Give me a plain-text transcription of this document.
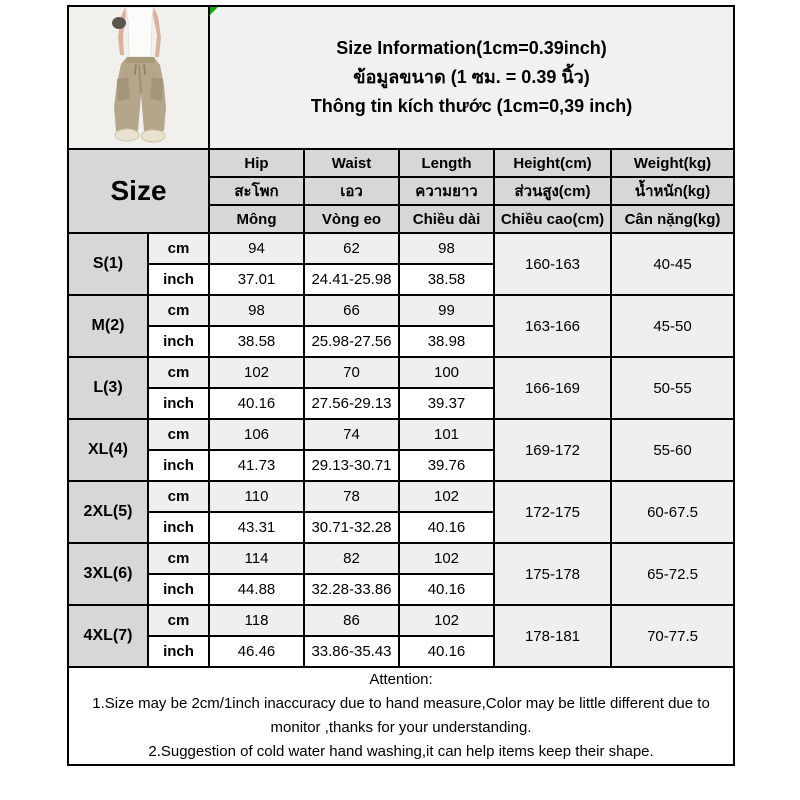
Size Information(1cm=0.39inch)
ข้อมูลขนาด (1 ซม. = 0.39 นิ้ว)
Thông tin kích thước (1cm=0,39 inch)				

Size		Hip	Waist	Length	Height(cm)	Weight(kg)
		สะโพก	เอว	ความยาว	ส่วนสูง(cm)	น้ำหนัก(kg)
		Mông	Vòng eo	Chiều dài	Chiều cao(cm)	Cân nặng(kg)
S(1)	cm	94	62	98	160-163	40-45
	inch	37.01	24.41-25.98	38.58		
M(2)	cm	98	66	99	163-166	45-50
	inch	38.58	25.98-27.56	38.98		
L(3)	cm	102	70	100	166-169	50-55
	inch	40.16	27.56-29.13	39.37		
XL(4)	cm	106	74	101	169-172	55-60
	inch	41.73	29.13-30.71	39.76		
2XL(5)	cm	110	78	102	172-175	60-67.5
	inch	43.31	30.71-32.28	40.16		
3XL(6)	cm	114	82	102	175-178	65-72.5
	inch	44.88	32.28-33.86	40.16		
4XL(7)	cm	118	86	102	178-181	70-77.5
	inch	46.46	33.86-35.43	40.16		

Attention:
1.Size may be 2cm/1inch inaccuracy due to hand measure,Color may be little different due to monitor ,thanks for your understanding.
2.Suggestion of cold water hand washing,it can help items keep their shape.						
